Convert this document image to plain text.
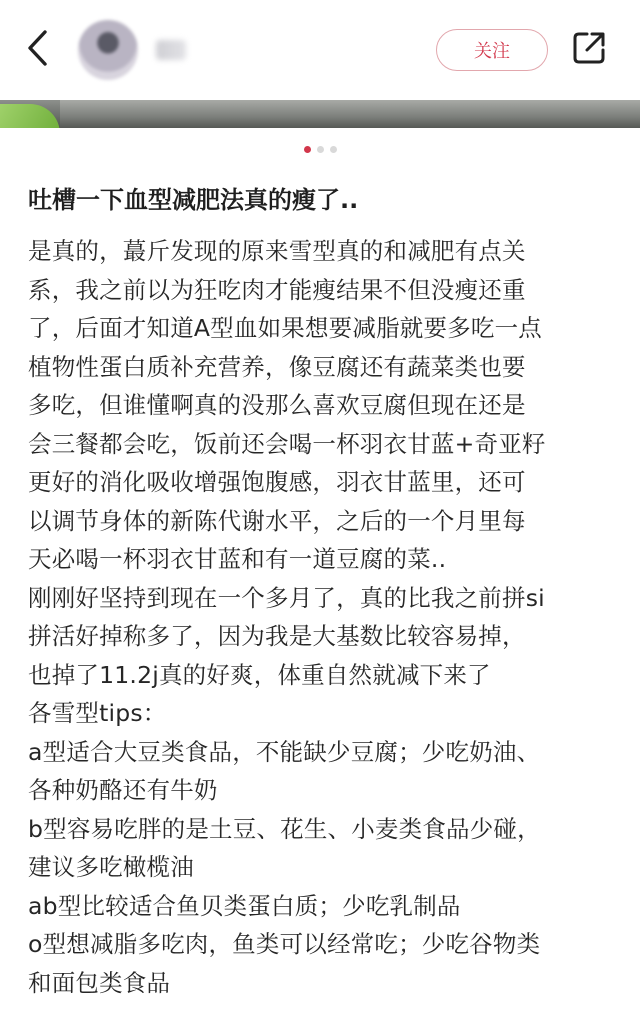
关注
吐槽一下血型减肥法真的瘦了..
是真的，蕞斤发现的原来雪型真的和减肥有点关
系，我之前以为狂吃肉才能瘦结果不但没瘦还重
了，后面才知道A型血如果想要减脂就要多吃一点
植物性蛋白质补充营养，像豆腐还有蔬菜类也要
多吃，但谁懂啊真的没那么喜欢豆腐但现在还是
会三餐都会吃，饭前还会喝一杯羽衣甘蓝+奇亚籽
更好的消化吸收增强饱腹感，羽衣甘蓝里，还可
以调节身体的新陈代谢水平，之后的一个月里每
天必喝一杯羽衣甘蓝和有一道豆腐的菜..
刚刚好坚持到现在一个多月了，真的比我之前拼si
拼活好掉称多了，因为我是大基数比较容易掉，
也掉了11.2j真的好爽，体重自然就减下来了
各雪型tips：
a型适合大豆类食品，不能缺少豆腐；少吃奶油、
各种奶酪还有牛奶
b型容易吃胖的是土豆、花生、小麦类食品少碰，
建议多吃橄榄油
ab型比较适合鱼贝类蛋白质；少吃乳制品
o型想减脂多吃肉，鱼类可以经常吃；少吃谷物类
和面包类食品
